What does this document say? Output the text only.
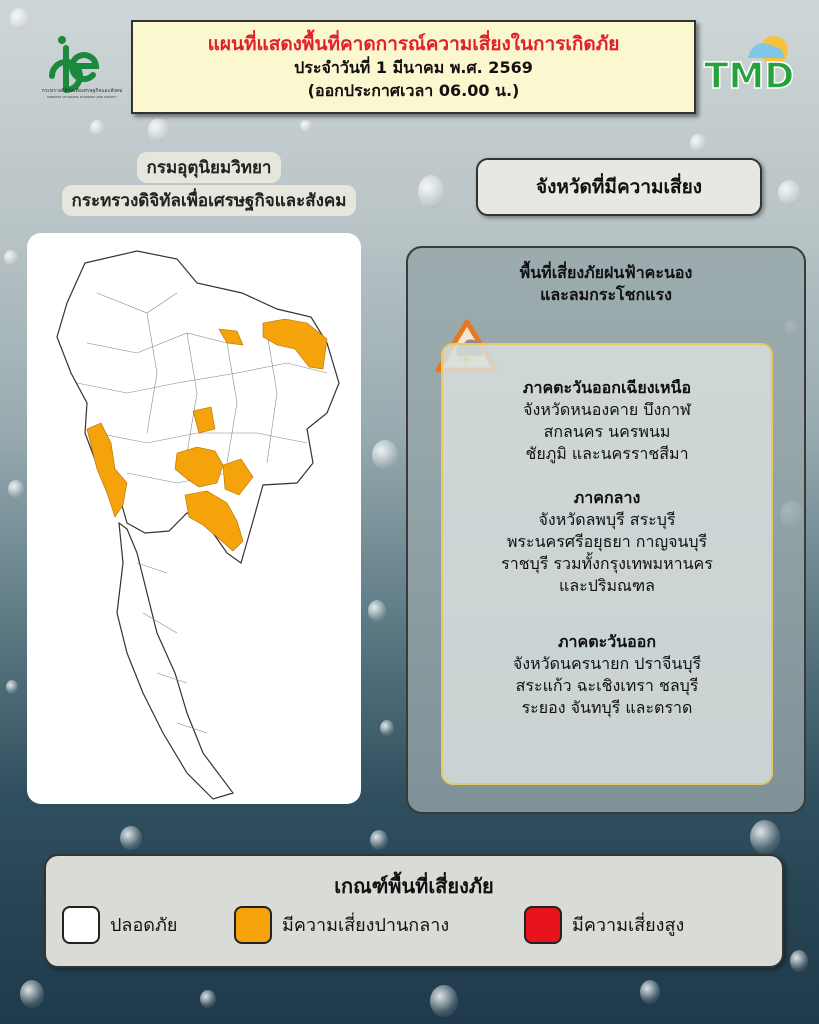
กระทรวงดิจิทัลเพื่อเศรษฐกิจและสังคม
MINISTRY OF DIGITAL ECONOMY AND SOCIETY
แผนที่แสดงพื้นที่คาดการณ์ความเสี่ยงในการเกิดภัย
ประจำวันที่ 1 มีนาคม พ.ศ. 2569
(ออกประกาศเวลา 06.00 น.)	TMD
กรมอุตุนิยมวิทยา
กระทรวงดิจิทัลเพื่อเศรษฐกิจและสังคม
จังหวัดที่มีความเสี่ยง
พื้นที่เสี่ยงภัยฝนฟ้าคะนอง
และลมกระโชกแรง
ภาคตะวันออกเฉียงเหนือ
จังหวัดหนองคาย บึงกาฬ
สกลนคร นครพนม
ชัยภูมิ และนครราชสีมา
ภาคกลาง
จังหวัดลพบุรี สระบุรี
พระนครศรีอยุธยา กาญจนบุรี
ราชบุรี รวมทั้งกรุงเทพมหานคร
และปริมณฑล
ภาคตะวันออก
จังหวัดนครนายก ปราจีนบุรี
สระแก้ว ฉะเชิงเทรา ชลบุรี
ระยอง จันทบุรี และตราด
เกณฑ์พื้นที่เสี่ยงภัย
ปลอดภัย	มีความเสี่ยงปานกลาง	มีความเสี่ยงสูง
